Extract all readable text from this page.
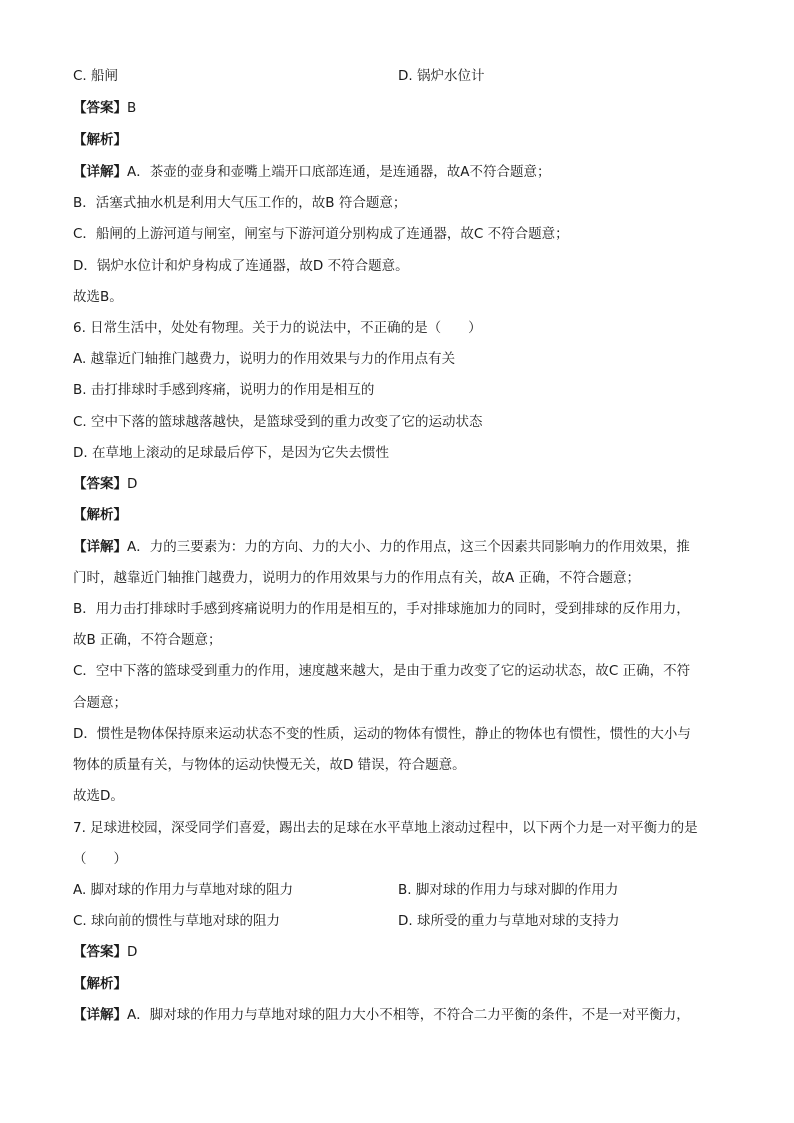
C. 船闸	D. 锅炉水位计
【答案】B
【解析】
【详解】A．茶壶的壶身和壶嘴上端开口底部连通，是连通器，故A不符合题意；
B．活塞式抽水机是利用大气压工作的，故B 符合题意；
C．船闸的上游河道与闸室，闸室与下游河道分别构成了连通器，故C 不符合题意；
D．锅炉水位计和炉身构成了连通器，故D 不符合题意。
故选B。
6. 日常生活中，处处有物理。关于力的说法中，不正确的是（　　）
A. 越靠近门轴推门越费力，说明力的作用效果与力的作用点有关
B. 击打排球时手感到疼痛，说明力的作用是相互的
C. 空中下落的篮球越落越快，是篮球受到的重力改变了它的运动状态
D. 在草地上滚动的足球最后停下，是因为它失去惯性
【答案】D
【解析】
【详解】A．力的三要素为：力的方向、力的大小、力的作用点，这三个因素共同影响力的作用效果，推
门时，越靠近门轴推门越费力，说明力的作用效果与力的作用点有关，故A 正确，不符合题意；
B．用力击打排球时手感到疼痛说明力的作用是相互的，手对排球施加力的同时，受到排球的反作用力，
故B 正确，不符合题意；
C．空中下落的篮球受到重力的作用，速度越来越大，是由于重力改变了它的运动状态，故C 正确，不符
合题意；
D．惯性是物体保持原来运动状态不变的性质，运动的物体有惯性，静止的物体也有惯性，惯性的大小与
物体的质量有关，与物体的运动快慢无关，故D 错误，符合题意。
故选D。
7. 足球进校园，深受同学们喜爱，踢出去的足球在水平草地上滚动过程中，以下两个力是一对平衡力的是
（　　）
A. 脚对球的作用力与草地对球的阻力	B. 脚对球的作用力与球对脚的作用力
C. 球向前的惯性与草地对球的阻力	D. 球所受的重力与草地对球的支持力
【答案】D
【解析】
【详解】A．脚对球的作用力与草地对球的阻力大小不相等，不符合二力平衡的条件，不是一对平衡力，
